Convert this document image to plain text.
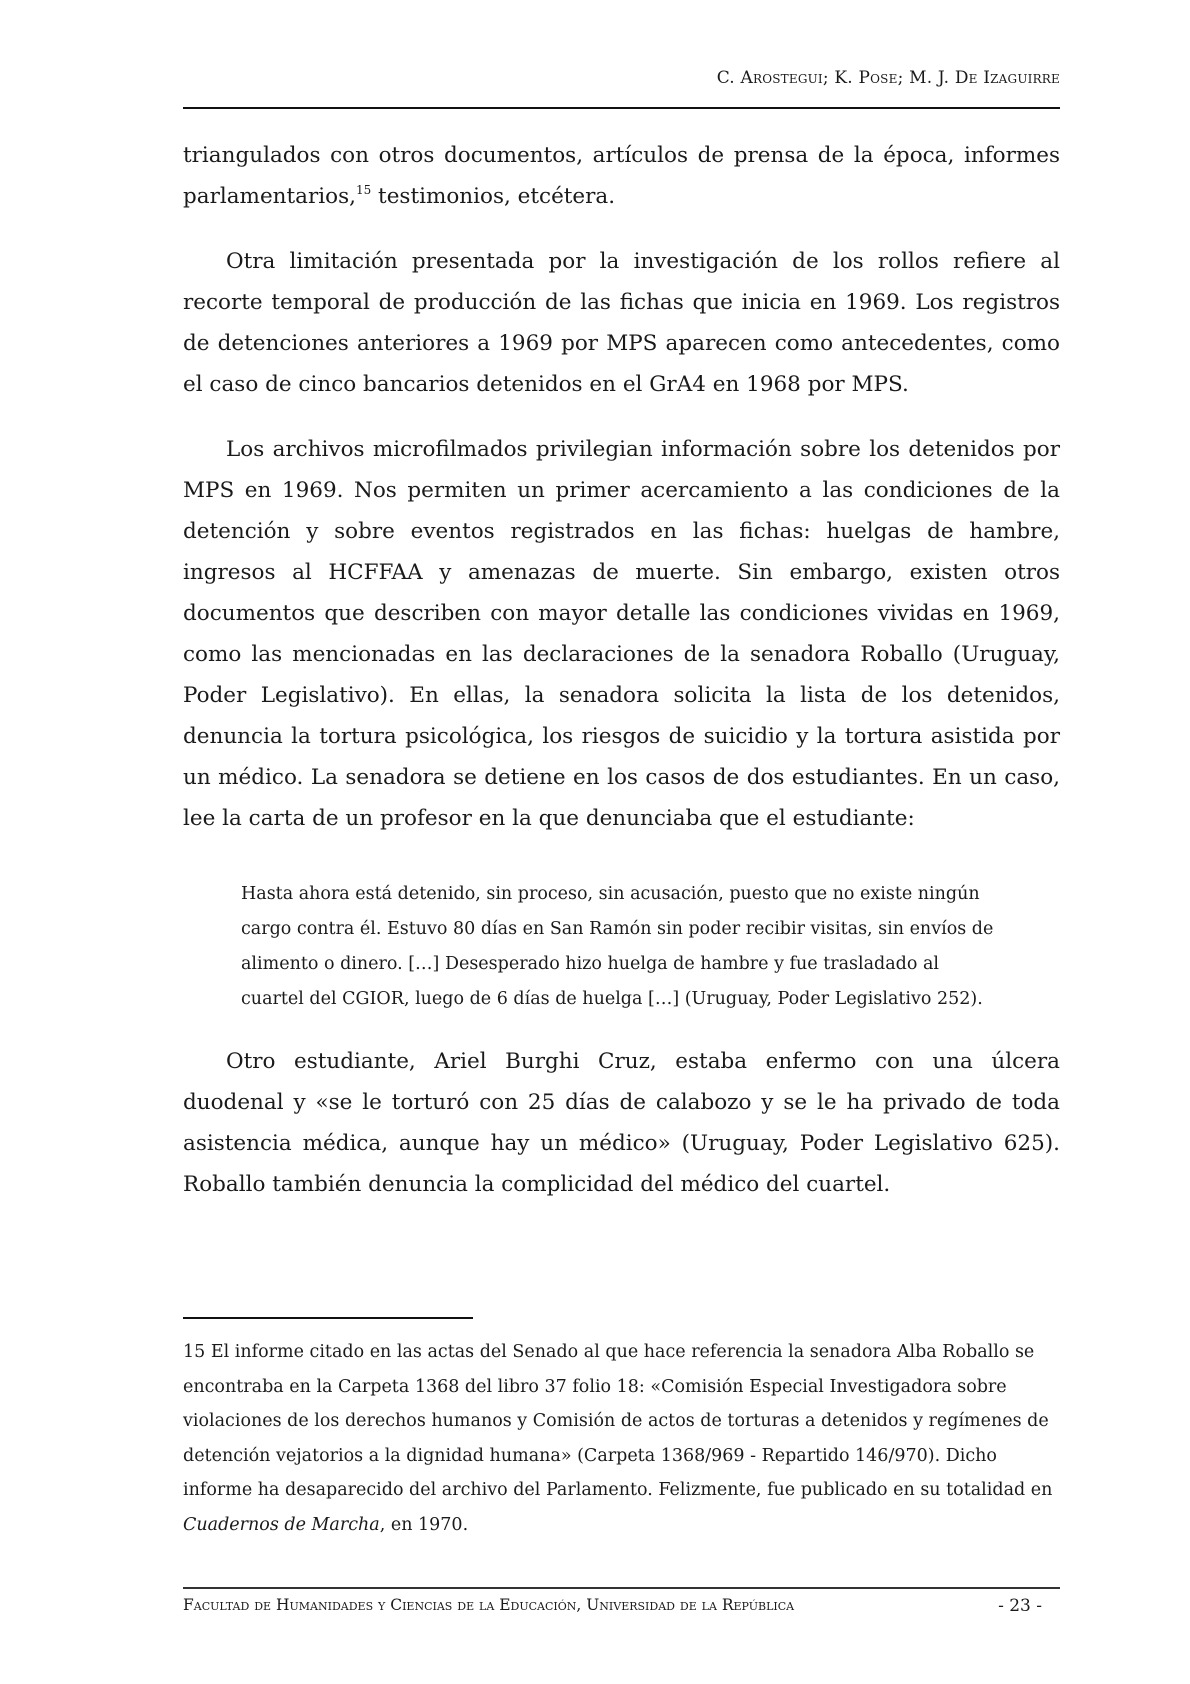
C. Arostegui; K. Pose; M. J. De Izaguirre

triangulados con otros documentos, artículos de prensa de la época, informes parlamentarios,$^{15}$ testimonios, etcétera.

Otra limitación presentada por la investigación de los rollos refiere al recorte temporal de producción de las fichas que inicia en 1969. Los registros de detenciones anteriores a 1969 por MPS aparecen como antecedentes, como el caso de cinco bancarios detenidos en el GrA4 en 1968 por MPS.

Los archivos microfilmados privilegian información sobre los detenidos por MPS en 1969. Nos permiten un primer acercamiento a las condiciones de la detención y sobre eventos registrados en las fichas: huelgas de hambre, ingresos al HCFFAA y amenazas de muerte. Sin embargo, existen otros documentos que describen con mayor detalle las condiciones vividas en 1969, como las mencionadas en las declaraciones de la senadora Roballo (Uruguay, Poder Legislativo). En ellas, la senadora solicita la lista de los detenidos, denuncia la tortura psicológica, los riesgos de suicidio y la tortura asistida por un médico. La senadora se detiene en los casos de dos estudiantes. En un caso, lee la carta de un profesor en la que denunciaba que el estudiante:

Hasta ahora está detenido, sin proceso, sin acusación, puesto que no existe ningún cargo contra él. Estuvo 80 días en San Ramón sin poder recibir visitas, sin envíos de alimento o dinero. […] Desesperado hizo huelga de hambre y fue trasladado al cuartel del CGIOR, luego de 6 días de huelga […] (Uruguay, Poder Legislativo 252).

Otro estudiante, Ariel Burghi Cruz, estaba enfermo con una úlcera duodenal y «se le torturó con 25 días de calabozo y se le ha privado de toda asistencia médica, aunque hay un médico» (Uruguay, Poder Legislativo 625). Roballo también denuncia la complicidad del médico del cuartel.

15 El informe citado en las actas del Senado al que hace referencia la senadora Alba Roballo se encontraba en la Carpeta 1368 del libro 37 folio 18: «Comisión Especial Investigadora sobre violaciones de los derechos humanos y Comisión de actos de torturas a detenidos y regímenes de detención vejatorios a la dignidad humana» (Carpeta 1368/969 - Repartido 146/970). Dicho informe ha desaparecido del archivo del Parlamento. Felizmente, fue publicado en su totalidad en Cuadernos de Marcha, en 1970.
Facultad de Humanidades y Ciencias de la Educación, Universidad de la República	- 23 -
